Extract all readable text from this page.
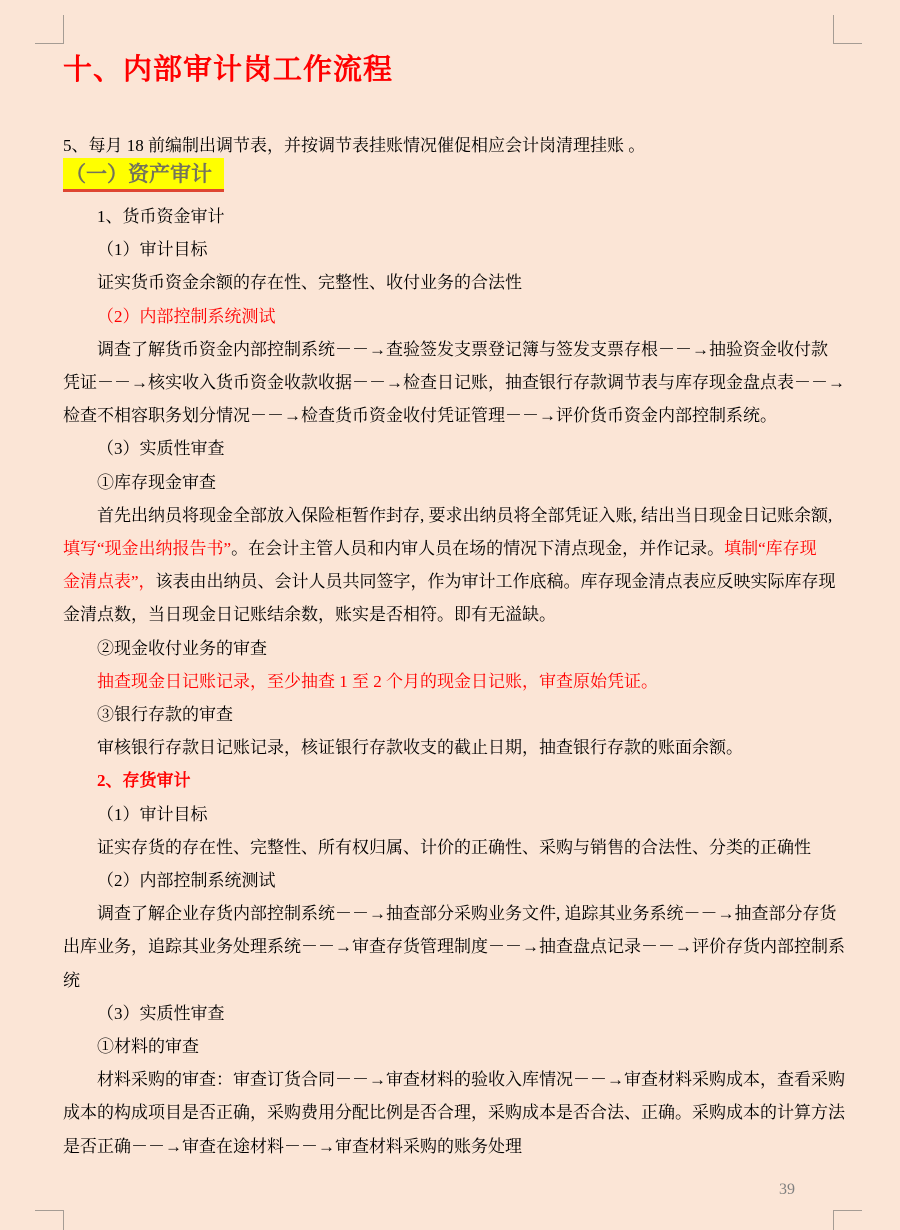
十、内部审计岗工作流程

5、每月 18 前编制出调节表，并按调节表挂账情况催促相应会计岗清理挂账 。

（一）资产审计
1、货币资金审计
（1）审计目标
证实货币资金余额的存在性、完整性、收付业务的合法性
（2）内部控制系统测试
调查了解货币资金内部控制系统－－→查验签发支票登记簿与签发支票存根－－→抽验资金收付款
凭证－－→核实收入货币资金收款收据－－→检查日记账，抽查银行存款调节表与库存现金盘点表－－→
检查不相容职务划分情况－－→检查货币资金收付凭证管理－－→评价货币资金内部控制系统。
（3）实质性审查
①库存现金审查
首先出纳员将现金全部放入保险柜暂作封存, 要求出纳员将全部凭证入账, 结出当日现金日记账余额,
填写“现金出纳报告书”。在会计主管人员和内审人员在场的情况下清点现金，并作记录。填制“库存现
金清点表”，该表由出纳员、会计人员共同签字，作为审计工作底稿。库存现金清点表应反映实际库存现
金清点数，当日现金日记账结余数，账实是否相符。即有无溢缺。
②现金收付业务的审查
抽查现金日记账记录，至少抽查 1 至 2 个月的现金日记账，审查原始凭证。
③银行存款的审查
审核银行存款日记账记录，核证银行存款收支的截止日期，抽查银行存款的账面余额。
2、存货审计
（1）审计目标
证实存货的存在性、完整性、所有权归属、计价的正确性、采购与销售的合法性、分类的正确性
（2）内部控制系统测试
调查了解企业存货内部控制系统－－→抽查部分采购业务文件, 追踪其业务系统－－→抽查部分存货
出库业务，追踪其业务处理系统－－→审查存货管理制度－－→抽查盘点记录－－→评价存货内部控制系
统
（3）实质性审查
①材料的审查
材料采购的审查：审查订货合同－－→审查材料的验收入库情况－－→审查材料采购成本，查看采购
成本的构成项目是否正确，采购费用分配比例是否合理，采购成本是否合法、正确。采购成本的计算方法
是否正确－－→审查在途材料－－→审查材料采购的账务处理
39
